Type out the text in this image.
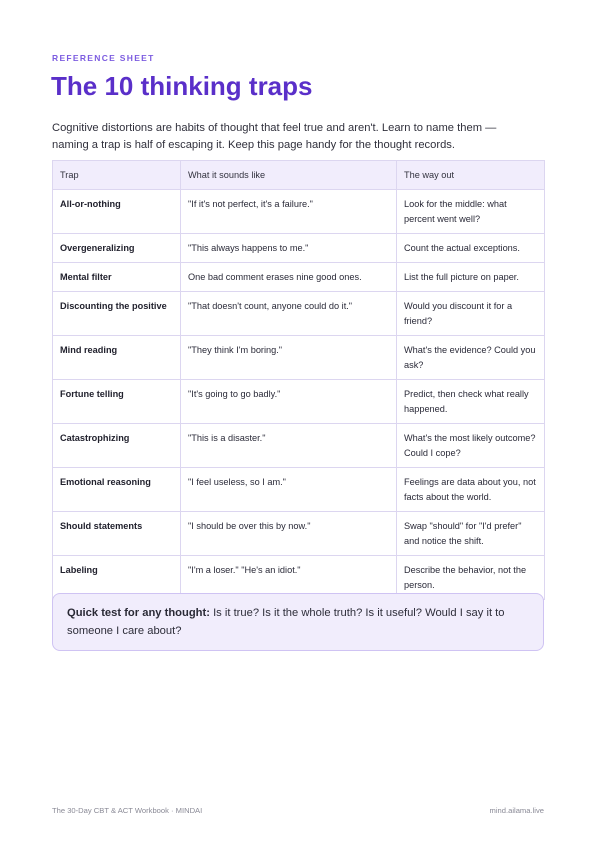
REFERENCE SHEET
The 10 thinking traps

Cognitive distortions are habits of thought that feel true and aren't. Learn to name them — naming a trap is half of escaping it. Keep this page handy for the thought records.

Trap	What it sounds like	The way out
All-or-nothing	"If it's not perfect, it's a failure."	Look for the middle: what percent went well?
Overgeneralizing	"This always happens to me."	Count the actual exceptions.
Mental filter	One bad comment erases nine good ones.	List the full picture on paper.
Discounting the positive	"That doesn't count, anyone could do it."	Would you discount it for a friend?
Mind reading	"They think I'm boring."	What's the evidence? Could you ask?
Fortune telling	"It's going to go badly."	Predict, then check what really happened.
Catastrophizing	"This is a disaster."	What's the most likely outcome? Could I cope?
Emotional reasoning	"I feel useless, so I am."	Feelings are data about you, not facts about the world.
Should statements	"I should be over this by now."	Swap "should" for "I'd prefer" and notice the shift.
Labeling	"I'm a loser." "He's an idiot."	Describe the behavior, not the person.
Quick test for any thought: Is it true? Is it the whole truth? Is it useful? Would I say it to someone I care about?
The 30-Day CBT & ACT Workbook · MINDAI	mind.ailama.live
